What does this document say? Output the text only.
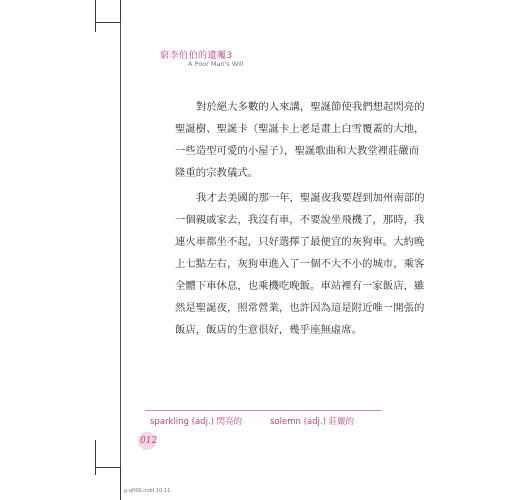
窮李伯伯的遺囑3
A Poor Man's Will
對於絕大多數的人來講，聖誕節使我們想起閃亮的
聖誕樹、聖誕卡（聖誕卡上老是畫上白雪覆蓋的大地，
一些造型可愛的小屋子），聖誕歌曲和大教堂裡莊嚴而
隆重的宗教儀式。
我才去美國的那一年，聖誕夜我要趕到加州南部的
一個親戚家去，我沒有車，不要說坐飛機了，那時，我
連火車都坐不起，只好選擇了最便宜的灰狗車。大約晚
上七點左右，灰狗車進入了一個不大不小的城市，乘客
全體下車休息，也乘機吃晚飯。車站裡有一家飯店，雖
然是聖誕夜，照常營業，也許因為這是附近唯一開張的
飯店，飯店的生意很好，幾乎座無虛席。
sparkling (adj.) 閃亮的	solemn (adj.) 莊嚴的
012
p-q000.indd 10-11
